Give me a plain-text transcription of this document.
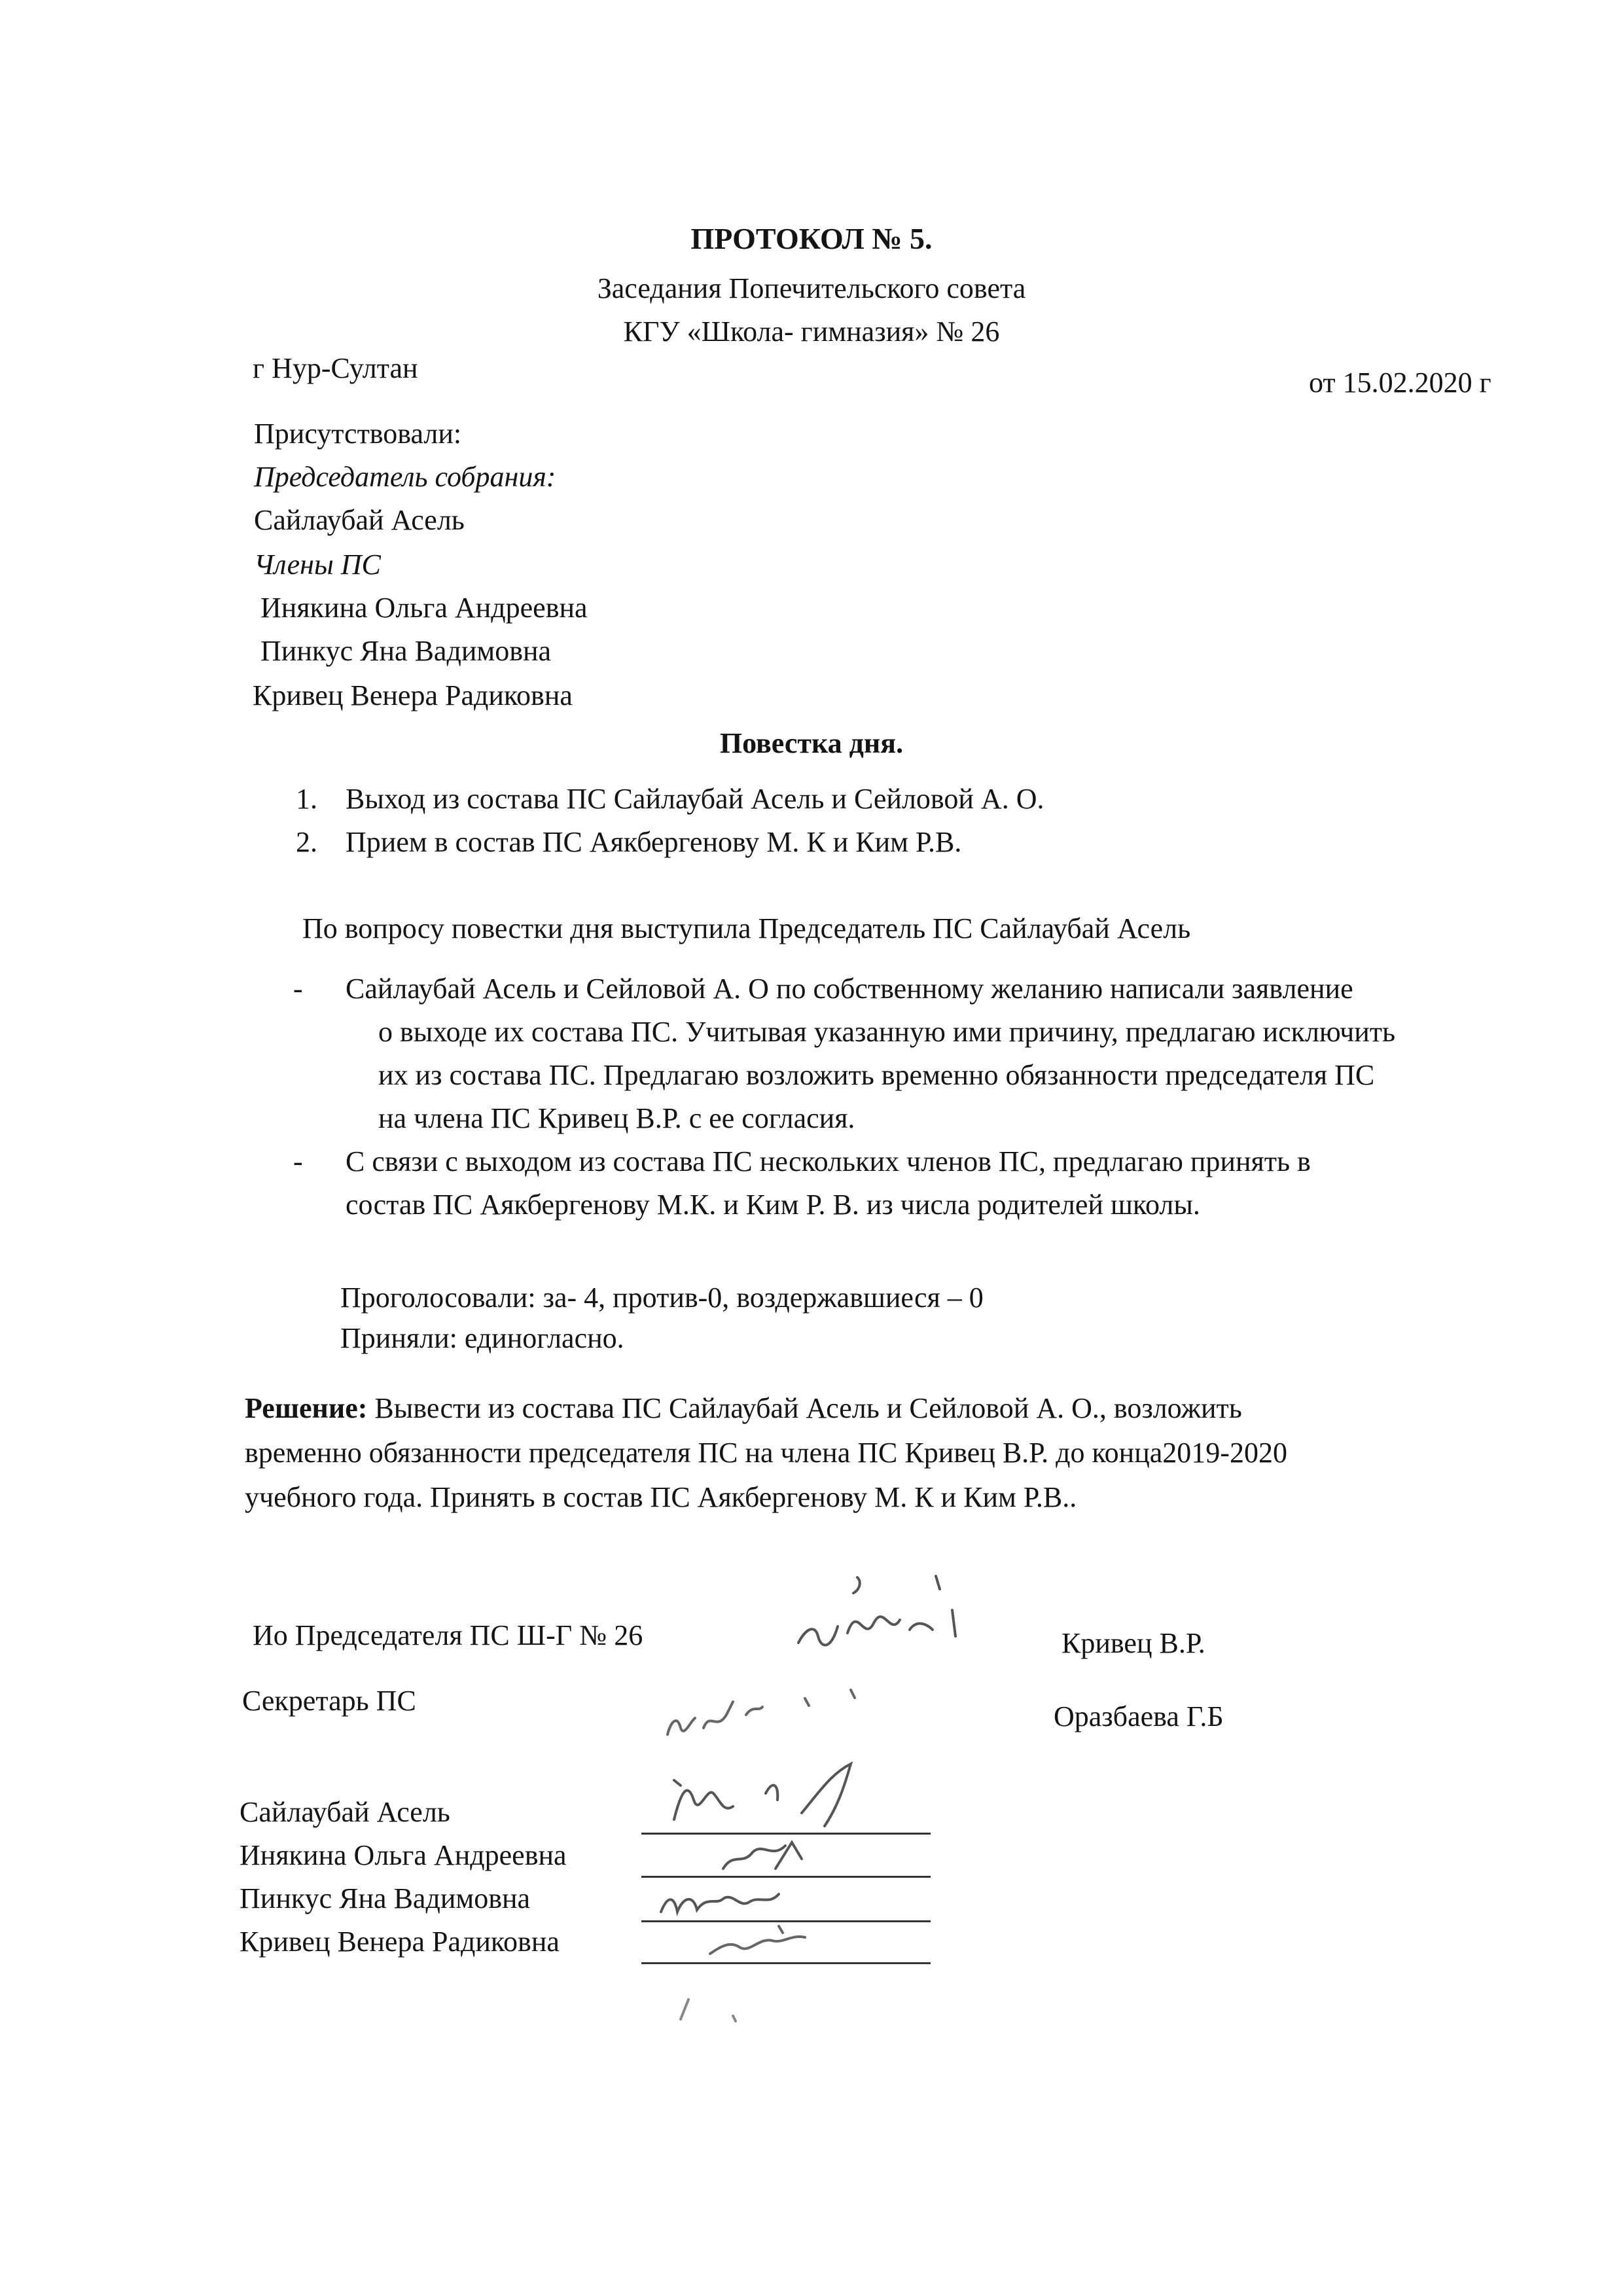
ПРОТОКОЛ № 5.
Заседания Попечительского совета
КГУ «Школа- гимназия» № 26
г Нур-Султан	от 15.02.2020 г
Присутствовали:
Председатель собрания:
Сайлаубай Асель
Члены ПС
Инякина Ольга Андреевна
Пинкус Яна Вадимовна
Кривец Венера Радиковна
Повестка дня.
1. Выход из состава ПС Сайлаубай Асель и Сейловой А. О.
2. Прием в состав ПС Аякбергенову М. К и Ким Р.В.
По вопросу повестки дня выступила Председатель ПС Сайлаубай Асель
- Сайлаубай Асель и Сейловой А. О по собственному желанию написали заявление
о выходе их состава ПС. Учитывая указанную ими причину, предлагаю исключить
их из состава ПС. Предлагаю возложить временно обязанности председателя ПС
на члена ПС Кривец В.Р. с ее согласия.
- С связи с выходом из состава ПС нескольких членов ПС, предлагаю принять в
состав ПС Аякбергенову М.К. и Ким Р. В. из числа родителей школы.
Проголосовали: за- 4, против-0, воздержавшиеся – 0
Приняли: единогласно.
Решение: Вывести из состава ПС Сайлаубай Асель и Сейловой А. О., возложить
временно обязанности председателя ПС на члена ПС Кривец В.Р. до конца2019-2020
учебного года. Принять в состав ПС Аякбергенову М. К и Ким Р.В..
Ио Председателя ПС Ш-Г № 26	Кривец В.Р.
Секретарь ПС	Оразбаева Г.Б
Сайлаубай Асель
Инякина Ольга Андреевна
Пинкус Яна Вадимовна
Кривец Венера Радиковна
